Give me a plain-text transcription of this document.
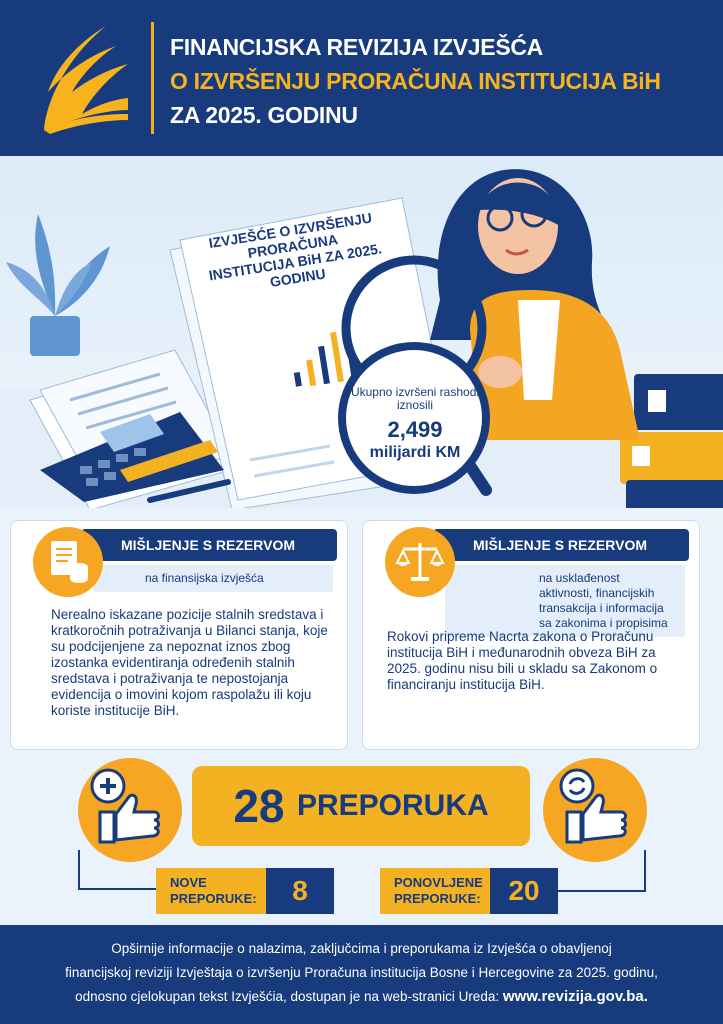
FINANCIJSKA REVIZIJA IZVJEŠĆA
O IZVRŠENJU PRORAČUNA INSTITUCIJA BiH
ZA 2025. GODINU
IZVJEŠĆE O IZVRŠENJU PRORAČUNA INSTITUCIJA BiH ZA 2025. GODINU
Ukupno izvršeni rashodi iznosili
2,499
milijardi KM
MIŠLJENJE S REZERVOM
na finansijska izvješća
Nerealno iskazane pozicije stalnih sredstava i kratkoročnih potraživanja u Bilanci stanja, koje su podcijenjene za nepoznat iznos zbog izostanka evidentiranja određenih stalnih sredstava i potraživanja te nepostojanja evidencija o imovini kojom raspolažu ili koju koriste institucije BiH.
MIŠLJENJE S REZERVOM
na usklađenost aktivnosti, financijskih transakcija i informacija sa zakonima i propisima
Rokovi pripreme Nacrta zakona o Proračunu institucija BiH i međunarodnih obveza BiH za 2025. godinu nisu bili u skladu sa Zakonom o financiranju institucija BiH.
28 PREPORUKA
NOVE PREPORUKE:	8	PONOVLJENE PREPORUKE: 20
Opširnije informacije o nalazima, zaključcima i preporukama iz Izvješća o obavljenoj
financijskoj reviziji Izvještaja o izvršenju Proračuna institucija Bosne i Hercegovine za 2025. godinu,
odnosno cjelokupan tekst Izvješćia, dostupan je na web-stranici Ureda: www.revizija.gov.ba.
